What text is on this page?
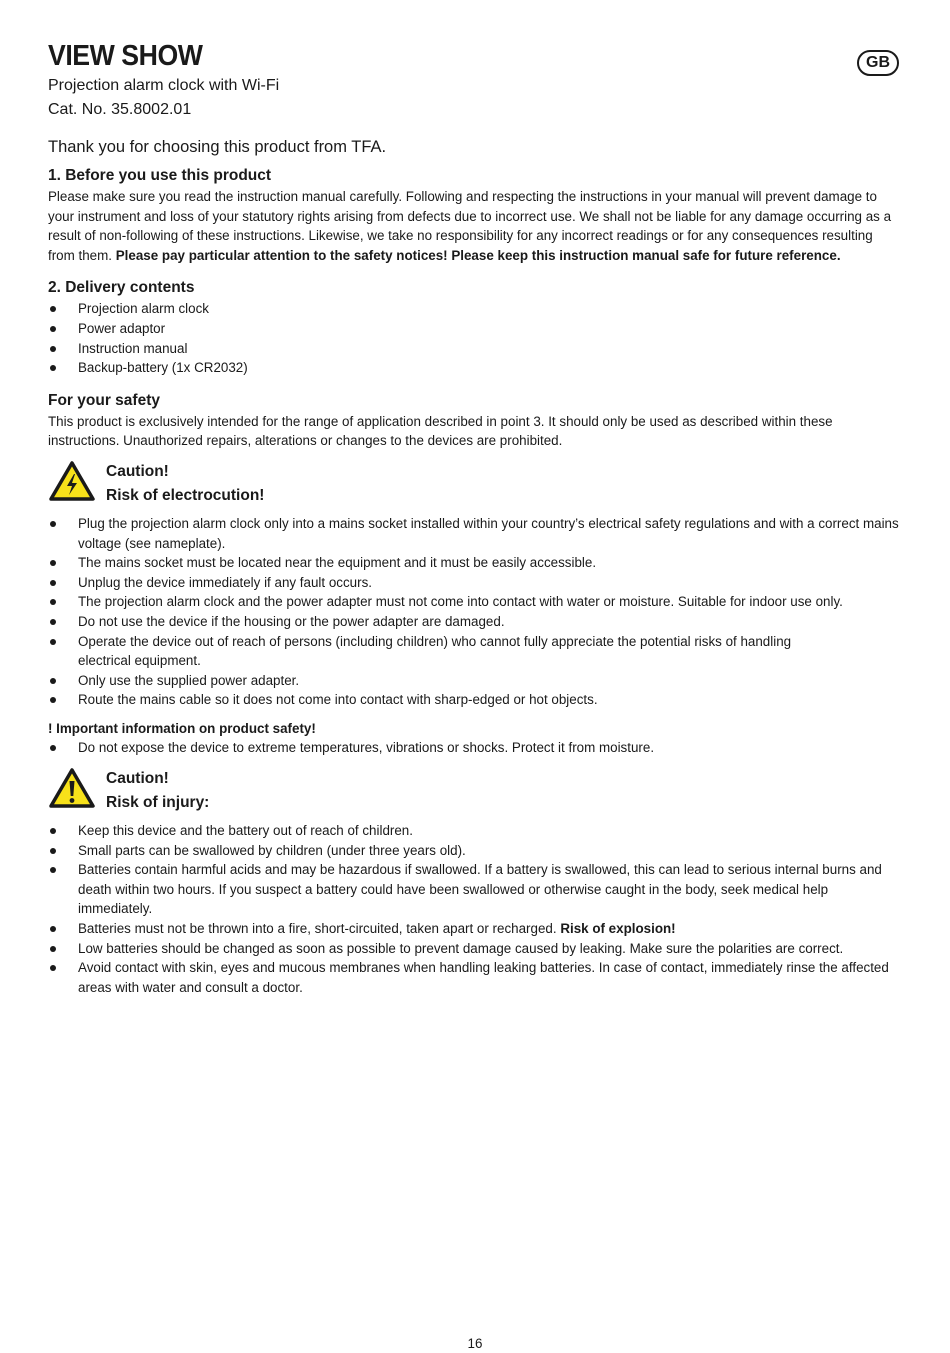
VIEW SHOW	GB

Projection alarm clock with Wi-Fi

Cat. No. 35.8002.01

Thank you for choosing this product from TFA.

1. Before you use this product

Please make sure you read the instruction manual carefully. Following and respecting the instructions in your manual will prevent damage to your instrument and loss of your statutory rights arising from defects due to incorrect use. We shall not be liable for any damage occurring as a result of non-following of these instructions. Likewise, we take no responsibility for any incorrect readings or for any consequences resulting from them. Please pay particular attention to the safety notices! Please keep this instruction manual safe for future reference.

2. Delivery contents
Projection alarm clock
Power adaptor
Instruction manual
Backup-battery (1x CR2032)
For your safety

This product is exclusively intended for the range of application described in point 3. It should only be used as described within these instructions. Unauthorized repairs, alterations or changes to the devices are prohibited.

Caution!
Risk of electrocution!
Plug the projection alarm clock only into a mains socket installed within your country’s electrical safety regulations and with a correct mains voltage (see nameplate).
The mains socket must be located near the equipment and it must be easily accessible.
Unplug the device immediately if any fault occurs.
The projection alarm clock and the power adapter must not come into contact with water or moisture. Suitable for indoor use only.
Do not use the device if the housing or the power adapter are damaged.
Operate the device out of reach of persons (including children) who cannot fully appreciate the potential risks of handling electrical equipment.
Only use the supplied power adapter.
Route the mains cable so it does not come into contact with sharp-edged or hot objects.

! Important information on product safety!

Do not expose the device to extreme temperatures, vibrations or shocks. Protect it from moisture.
Caution!
Risk of injury:
Keep this device and the battery out of reach of children.
Small parts can be swallowed by children (under three years old).
Batteries contain harmful acids and may be hazardous if swallowed. If a battery is swallowed, this can lead to serious internal burns and death within two hours. If you suspect a battery could have been swallowed or otherwise caught in the body, seek medical help immediately.
Batteries must not be thrown into a fire, short-circuited, taken apart or recharged. Risk of explosion!
Low batteries should be changed as soon as possible to prevent damage caused by leaking. Make sure the polarities are correct.
Avoid contact with skin, eyes and mucous membranes when handling leaking batteries. In case of contact, immediately rinse the affected areas with water and consult a doctor.
16
